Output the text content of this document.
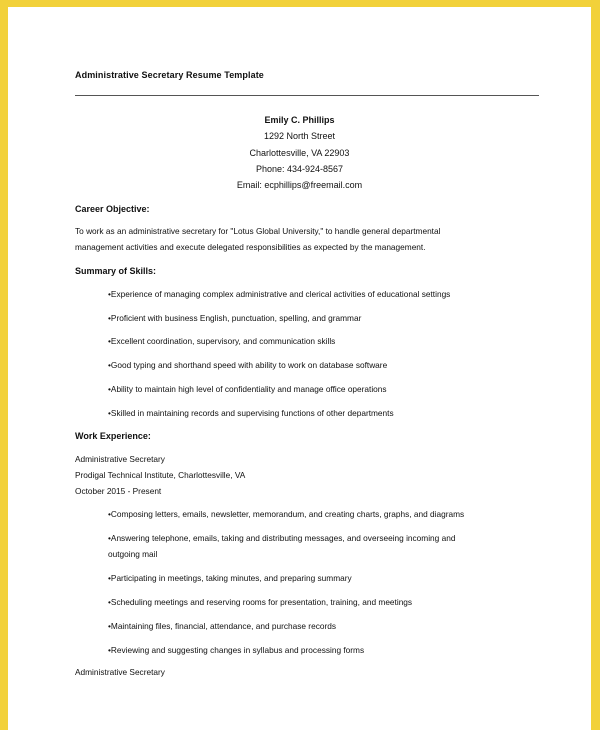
Administrative Secretary Resume Template
Emily C. Phillips
1292 North Street
Charlottesville, VA 22903
Phone: 434-924-8567
Email: ecphillips@freemail.com
Career Objective:
To work as an administrative secretary for "Lotus Global University," to handle general departmental
management activities and execute delegated responsibilities as expected by the management.
Summary of Skills:
•Experience of managing complex administrative and clerical activities of educational settings
•Proficient with business English, punctuation, spelling, and grammar
•Excellent coordination, supervisory, and communication skills
•Good typing and shorthand speed with ability to work on database software
•Ability to maintain high level of confidentiality and manage office operations
•Skilled in maintaining records and supervising functions of other departments
Work Experience:
Administrative Secretary
Prodigal Technical Institute, Charlottesville, VA
October 2015 - Present
•Composing letters, emails, newsletter, memorandum, and creating charts, graphs, and diagrams
•Answering telephone, emails, taking and distributing messages, and overseeing incoming and
outgoing mail
•Participating in meetings, taking minutes, and preparing summary
•Scheduling meetings and reserving rooms for presentation, training, and meetings
•Maintaining files, financial, attendance, and purchase records
•Reviewing and suggesting changes in syllabus and processing forms
Administrative Secretary
